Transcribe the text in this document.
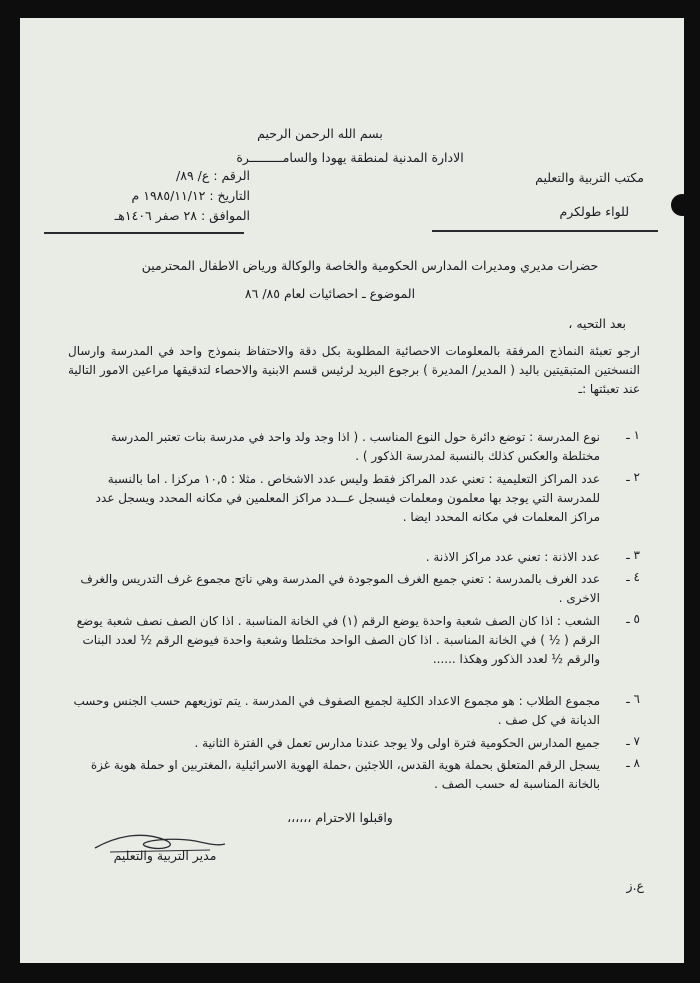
بسم الله الرحمن الرحيم
الادارة المدنية لمنطقة يهودا والسامـــــــــرة
مكتب التربية والتعليم
للواء طولكرم
الرقم : ع/ ٨٩/
التاريخ : ١٩٨٥/١١/١٢ م
الموافق : ٢٨ صفر ١٤٠٦هـ
حضرات مديري ومديرات المدارس الحكومية والخاصة والوكالة ورياض الاطفال المحترمين
الموضوع ـ احصائيات لعام ٨٥/ ٨٦
بعد التحيه ،
ارجو تعبئة النماذج المرفقة بالمعلومات الاحصائية المطلوبة بكل دقة والاحتفاظ بنموذج واحد في المدرسة وارسال النسختين المتبقيتين باليد ( المدير/ المديرة ) برجوع البريد لرئيس قسم الابنية والاحصاء لتدقيقها مراعين الامور التالية عند تعبئتها :ـ
١ ـ
نوع المدرسة : توضع دائرة حول النوع المناسب . ( اذا وجد ولد واحد في مدرسة بنات تعتبر المدرسة مختلطة والعكس كذلك بالنسبة لمدرسة الذكور ) .
٢ ـ
عدد المراكز التعليمية : تعني عدد المراكز فقط وليس عدد الاشخاص . مثلا : ١٠,٥ مركزا . اما بالنسبة للمدرسة التي يوجد بها معلمون ومعلمات فيسجل عـــدد مراكز المعلمين في مكانه المحدد ويسجل عدد مراكز المعلمات في مكانه المحدد ايضا .
٣ ـ
عدد الاذنة : تعني عدد مراكز الاذنة .
٤ ـ
عدد الغرف بالمدرسة : تعني جميع الغرف الموجودة في المدرسة وهي ناتج مجموع غرف التدريس والغرف الاخرى .
٥ ـ
الشعب : اذا كان الصف شعبة واحدة يوضع الرقم (١) في الخانة المناسبة . اذا كان الصف نصف شعبة يوضع الرقم ( ½ ) في الخانة المناسبة . اذا كان الصف الواحد مختلطا وشعبة واحدة فيوضع الرقم ½ لعدد البنات والرقم ½ لعدد الذكور وهكذا ......
٦ ـ
مجموع الطلاب : هو مجموع الاعداد الكلية لجميع الصفوف في المدرسة . يتم توزيعهم حسب الجنس وحسب الديانة في كل صف .
٧ ـ
جميع المدارس الحكومية فترة اولى ولا يوجد عندنا مدارس تعمل في الفترة الثانية .
٨ ـ
يسجل الرقم المتعلق بحملة هوية القدس، اللاجئين ،حملة الهوية الاسرائيلية ،المغتربين او حملة هوية غزة بالخانة المناسبة له حسب الصف .
واقبلوا الاحترام ،،،،،،
مدير التربية والتعليم
ع.ز
